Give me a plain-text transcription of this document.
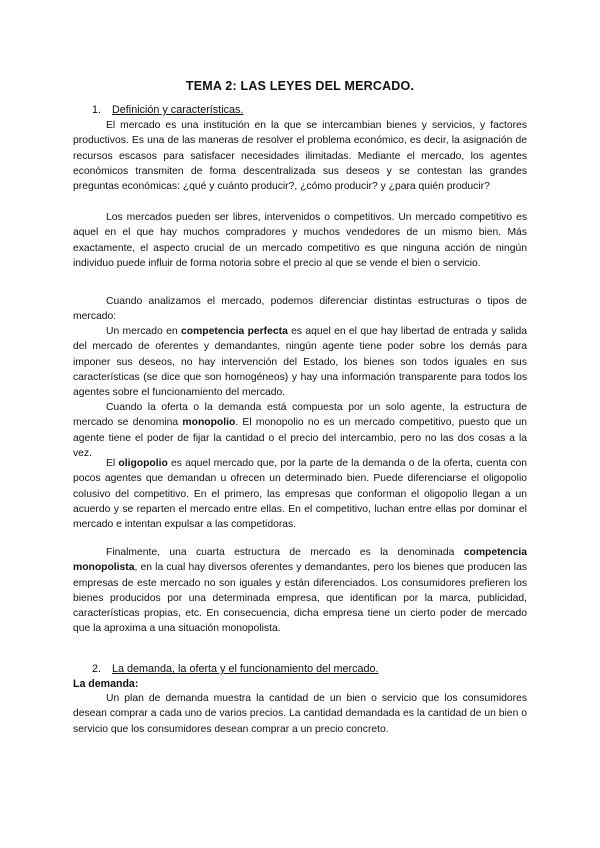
TEMA 2: LAS LEYES DEL MERCADO.
1. Definición y características.

El mercado es una institución en la que se intercambian bienes y servicios, y factores productivos. Es una de las maneras de resolver el problema económico, es decir, la asignación de recursos escasos para satisfacer necesidades ilimitadas. Mediante el mercado, los agentes económicos transmiten de forma descentralizada sus deseos y se contestan las grandes preguntas económicas: ¿qué y cuánto producir?, ¿cómo producir? y ¿para quién producir?

Los mercados pueden ser libres, intervenidos o competitivos. Un mercado competitivo es aquel en el que hay muchos compradores y muchos vendedores de un mismo bien. Más exactamente, el aspecto crucial de un mercado competitivo es que ninguna acción de ningún individuo puede influir de forma notoria sobre el precio al que se vende el bien o servicio.

Cuando analizamos el mercado, podemos diferenciar distintas estructuras o tipos de mercado:

Un mercado en competencia perfecta es aquel en el que hay libertad de entrada y salida del mercado de oferentes y demandantes, ningún agente tiene poder sobre los demás para imponer sus deseos, no hay intervención del Estado, los bienes son todos iguales en sus características (se dice que son homogéneos) y hay una información transparente para todos los agentes sobre el funcionamiento del mercado.

Cuando la oferta o la demanda está compuesta por un solo agente, la estructura de mercado se denomina monopolio. El monopolio no es un mercado competitivo, puesto que un agente tiene el poder de fijar la cantidad o el precio del intercambio, pero no las dos cosas a la vez.

El oligopolio es aquel mercado que, por la parte de la demanda o de la oferta, cuenta con pocos agentes que demandan u ofrecen un determinado bien. Puede diferenciarse el oligopolio colusivo del competitivo. En el primero, las empresas que conforman el oligopolio llegan a un acuerdo y se reparten el mercado entre ellas. En el competitivo, luchan entre ellas por dominar el mercado e intentan expulsar a las competidoras.

Finalmente, una cuarta estructura de mercado es la denominada competencia monopolista, en la cual hay diversos oferentes y demandantes, pero los bienes que producen las empresas de este mercado no son iguales y están diferenciados. Los consumidores prefieren los bienes producidos por una determinada empresa, que identifican por la marca, publicidad, características propias, etc. En consecuencia, dicha empresa tiene un cierto poder de mercado que la aproxima a una situación monopolista.

2. La demanda, la oferta y el funcionamiento del mercado.
La demanda:

Un plan de demanda muestra la cantidad de un bien o servicio que los consumidores desean comprar a cada uno de varios precios. La cantidad demandada es la cantidad de un bien o servicio que los consumidores desean comprar a un precio concreto.
